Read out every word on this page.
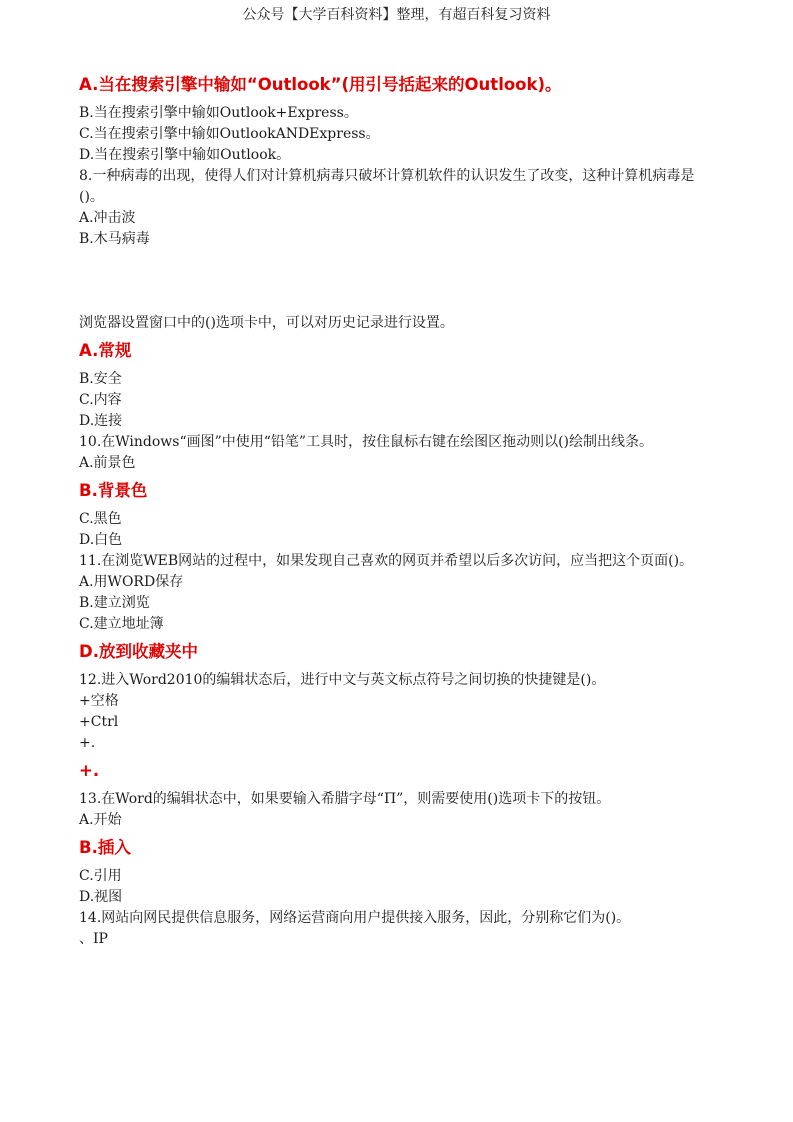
公众号【大学百科资料】整理，有超百科复习资料

A.当在搜索引擎中输如“Outlook”(用引号括起来的Outlook)。

B.当在搜索引擎中输如Outlook+Express。

C.当在搜索引擎中输如OutlookANDExpress。

D.当在搜索引擎中输如Outlook。

8.一种病毒的出现，使得人们对计算机病毒只破坏计算机软件的认识发生了改变，这种计算机病毒是()。

A.冲击波

B.木马病毒

浏览器设置窗口中的()选项卡中，可以对历史记录进行设置。

A.常规

B.安全

C.内容

D.连接

10.在Windows“画图”中使用“铅笔”工具时，按住鼠标右键在绘图区拖动则以()绘制出线条。

A.前景色

B.背景色

C.黑色

D.白色

11.在浏览WEB网站的过程中，如果发现自己喜欢的网页并希望以后多次访问，应当把这个页面()。

A.用WORD保存

B.建立浏览

C.建立地址簿

D.放到收藏夹中

12.进入Word2010的编辑状态后，进行中文与英文标点符号之间切换的快捷键是()。

+空格

+Ctrl

+.

+.

13.在Word的编辑状态中，如果要输入希腊字母“Π”，则需要使用()选项卡下的按钮。

A.开始

B.插入

C.引用

D.视图

14.网站向网民提供信息服务，网络运营商向用户提供接入服务，因此，分别称它们为()。

、IP
